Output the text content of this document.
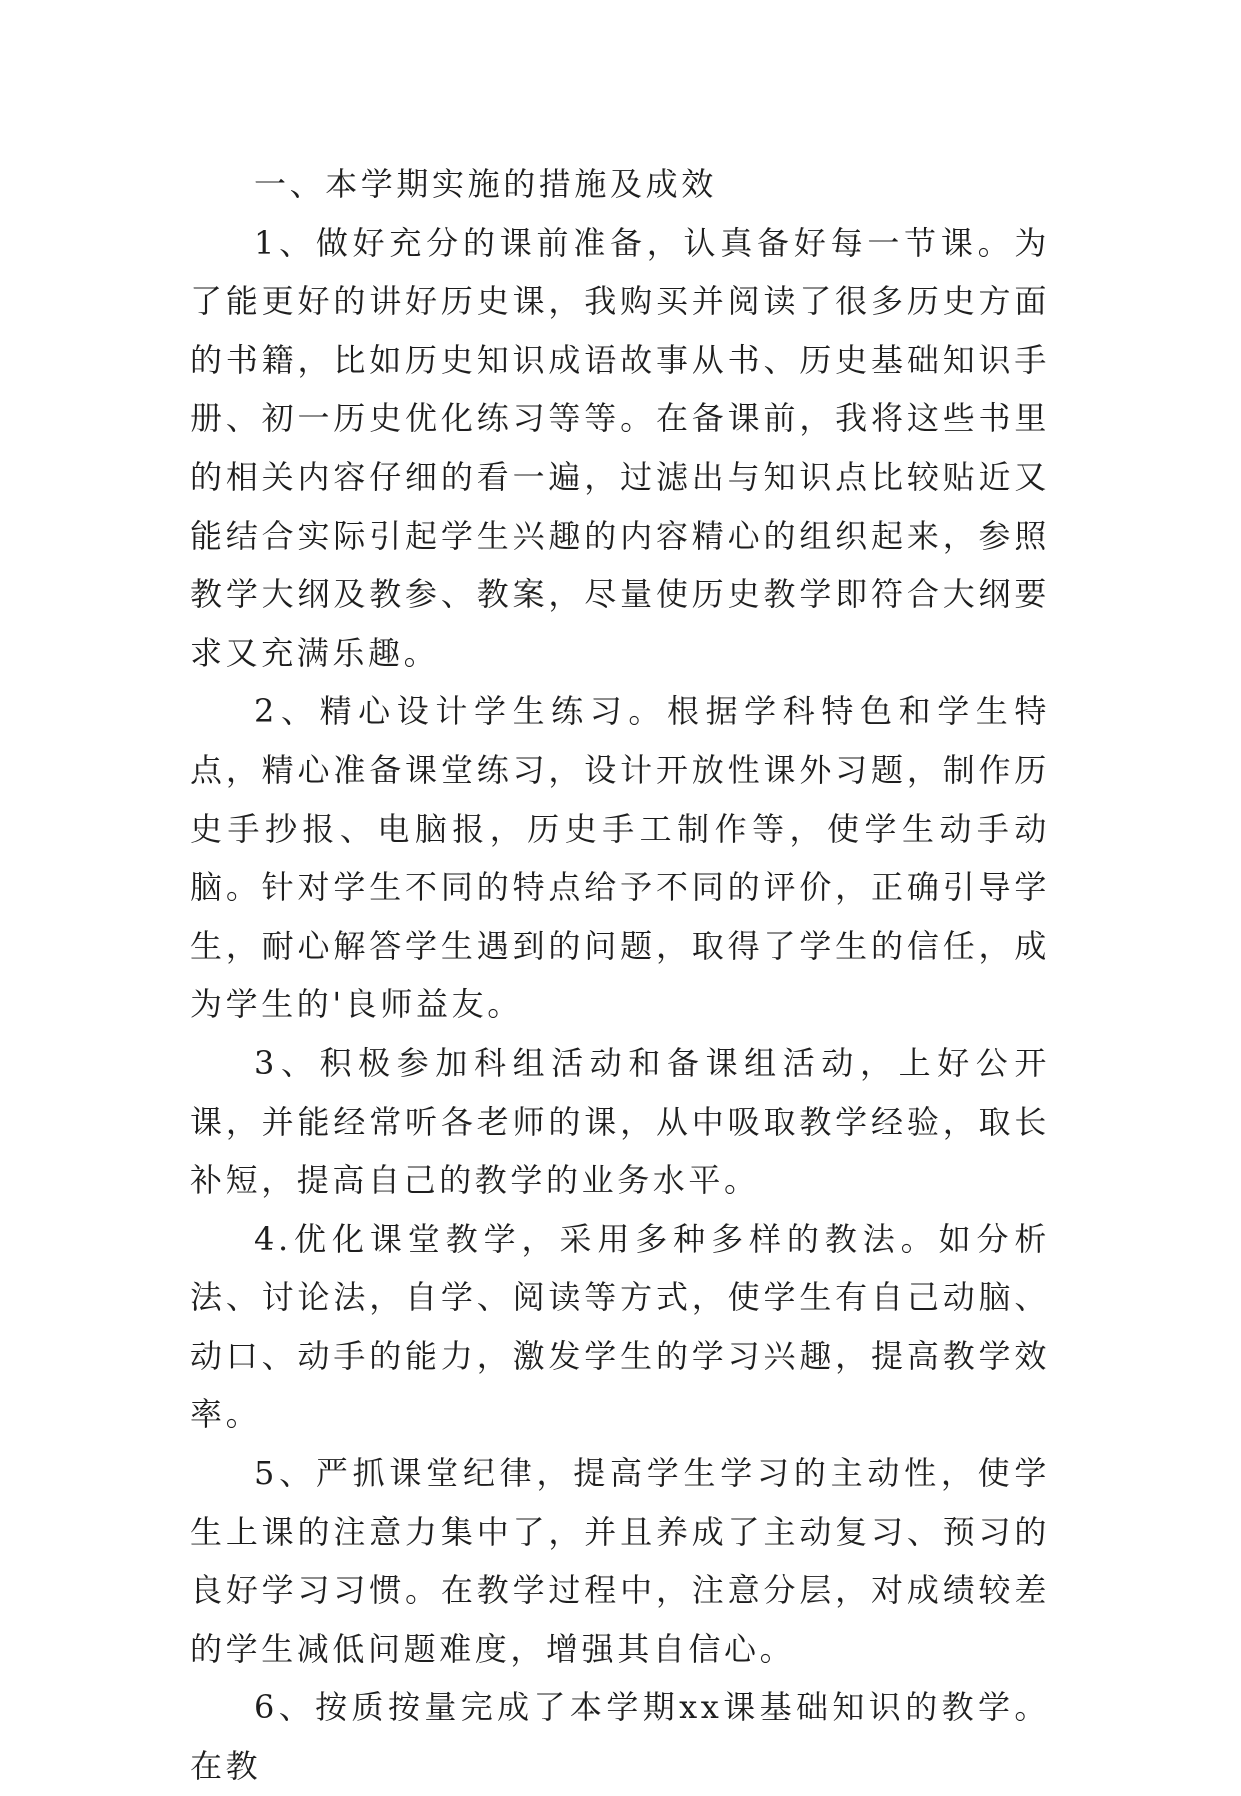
一、本学期实施的措施及成效

1、做好充分的课前准备，认真备好每一节课。为了能更好的讲好历史课，我购买并阅读了很多历史方面的书籍，比如历史知识成语故事从书、历史基础知识手册、初一历史优化练习等等。在备课前，我将这些书里的相关内容仔细的看一遍，过滤出与知识点比较贴近又能结合实际引起学生兴趣的内容精心的组织起来，参照教学大纲及教参、教案，尽量使历史教学即符合大纲要求又充满乐趣。

2、精心设计学生练习。根据学科特色和学生特点，精心准备课堂练习，设计开放性课外习题，制作历史手抄报、电脑报，历史手工制作等，使学生动手动脑。针对学生不同的特点给予不同的评价，正确引导学生，耐心解答学生遇到的问题，取得了学生的信任，成为学生的'良师益友。

3、积极参加科组活动和备课组活动，上好公开课，并能经常听各老师的课，从中吸取教学经验，取长补短，提高自己的教学的业务水平。

4.优化课堂教学，采用多种多样的教法。如分析法、讨论法，自学、阅读等方式，使学生有自己动脑、动口、动手的能力，激发学生的学习兴趣，提高教学效率。

5、严抓课堂纪律，提高学生学习的主动性，使学生上课的注意力集中了，并且养成了主动复习、预习的良好学习习惯。在教学过程中，注意分层，对成绩较差的学生减低问题难度，增强其自信心。

6、按质按量完成了本学期xx课基础知识的教学。在教
